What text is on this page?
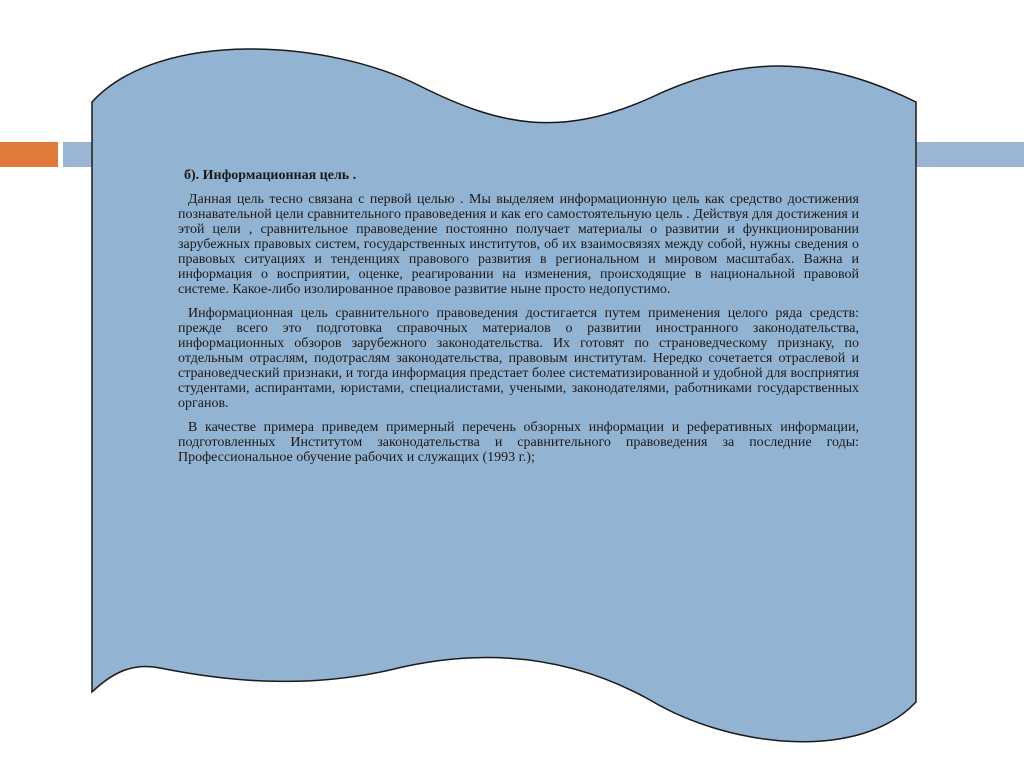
б). Информационная цель .

Данная цель тесно связана с первой целью . Мы выделяем информационную цель как средство достижения познавательной цели сравнительного правоведения и как его самостоятельную цель . Действуя для достижения и этой цели , сравнительное правоведение постоянно получает материалы о развитии и функционировании зарубежных правовых систем, государственных институтов, об их взаимосвязях между собой, нужны сведения о правовых ситуациях и тенденциях правового развития в региональном и мировом масштабах. Важна и информация о восприятии, оценке, реагировании на изменения, происходящие в национальной правовой системе. Какое-либо изолированное правовое развитие ныне просто недопустимо.

Информационная цель сравнительного правоведения достигается путем применения целого ряда средств: прежде всего это подготовка справочных материалов о развитии иностранного законодательства, информационных обзоров зарубежного законодательства. Их готовят по страноведческому признаку, по отдельным отраслям, подотраслям законодательства, правовым институтам. Нередко сочетается отраслевой и страноведческий признаки, и тогда информация предстает более систематизированной и удобной для восприятия студентами, аспирантами, юристами, специалистами, учеными, законодателями, работниками государственных органов.

В качестве примера приведем примерный перечень обзорных информации и реферативных информации, подготовленных Институтом законодательства и сравнительного правоведения за последние годы: Профессиональное обучение рабочих и служащих (1993 г.);
